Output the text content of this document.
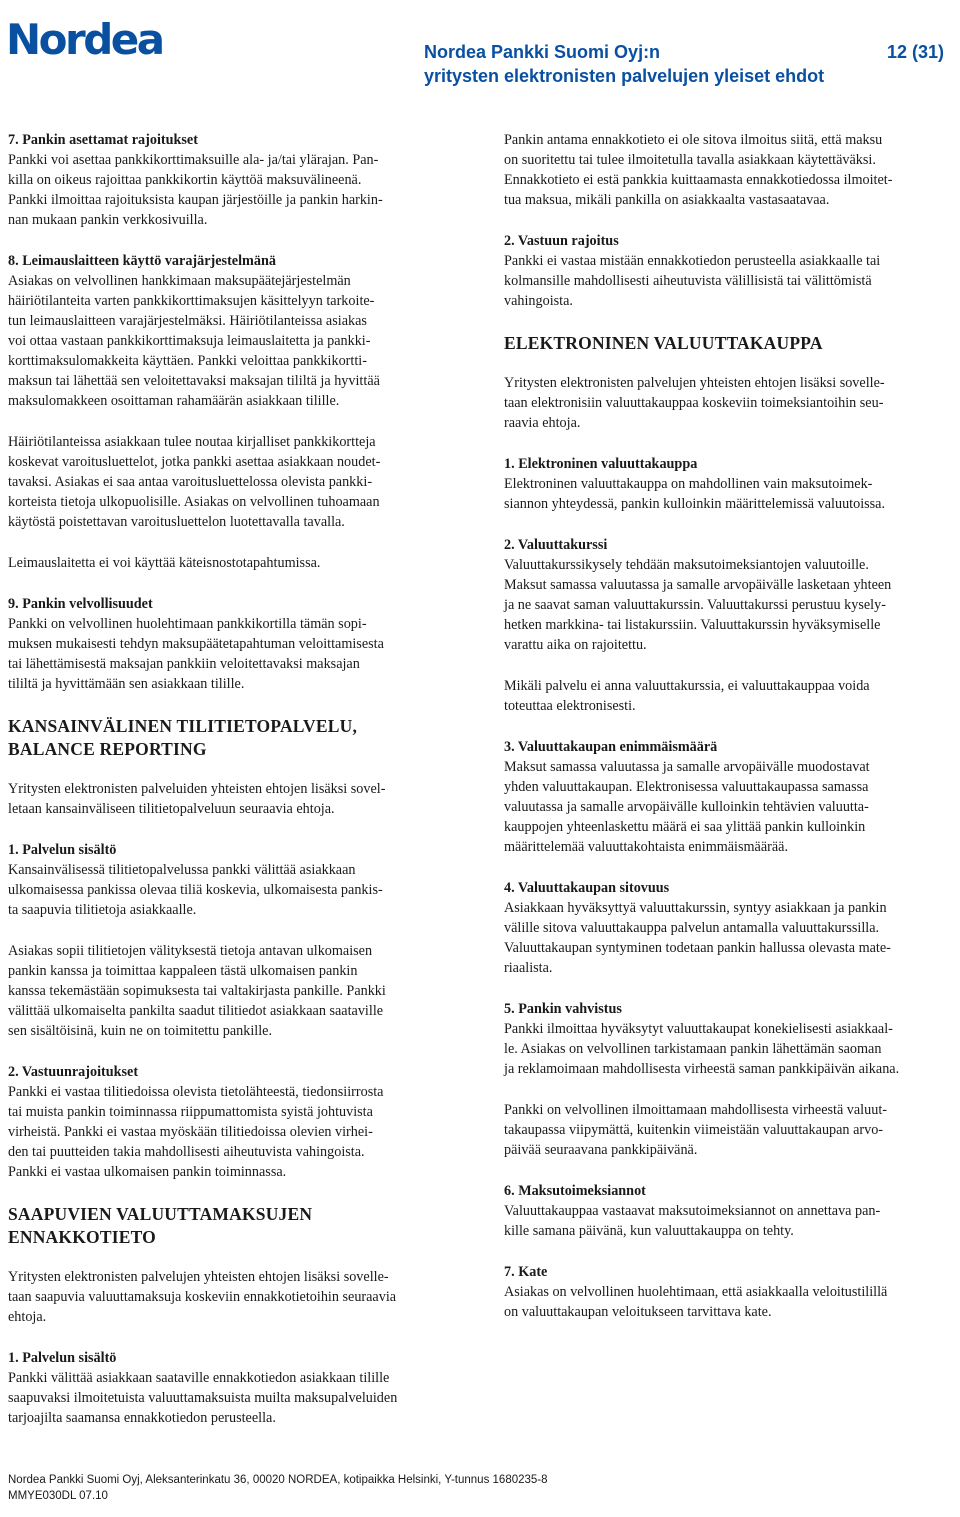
Nordea	Nordea Pankki Suomi Oyj:n	12 (31)
yritysten elektronisten palvelujen yleiset ehdot
7. Pankin asettamat rajoitukset

Pankki voi asettaa pankkikorttimaksuille ala- ja/tai ylärajan. Pan-
killa on oikeus rajoittaa pankkikortin käyttöä maksuvälineenä.
Pankki ilmoittaa rajoituksista kaupan järjestöille ja pankin harkin-
nan mukaan pankin verkkosivuilla.

8. Leimauslaitteen käyttö varajärjestelmänä

Asiakas on velvollinen hankkimaan maksupäätejärjestelmän
häiriötilanteita varten pankkikorttimaksujen käsittelyyn tarkoite-
tun leimauslaitteen varajärjestelmäksi. Häiriötilanteissa asiakas
voi ottaa vastaan pankkikorttimaksuja leimauslaitetta ja pankki-
korttimaksulomakkeita käyttäen. Pankki veloittaa pankkikortti-
maksun tai lähettää sen veloitettavaksi maksajan tililtä ja hyvittää
maksulomakkeen osoittaman rahamäärän asiakkaan tilille.

Häiriötilanteissa asiakkaan tulee noutaa kirjalliset pankkikortteja
koskevat varoitusluettelot, jotka pankki asettaa asiakkaan noudet-
tavaksi. Asiakas ei saa antaa varoitusluettelossa olevista pankki-
korteista tietoja ulkopuolisille. Asiakas on velvollinen tuhoamaan
käytöstä poistettavan varoitusluettelon luotettavalla tavalla.

Leimauslaitetta ei voi käyttää käteisnostotapahtumissa.

9. Pankin velvollisuudet

Pankki on velvollinen huolehtimaan pankkikortilla tämän sopi-
muksen mukaisesti tehdyn maksupäätetapahtuman veloittamisesta
tai lähettämisestä maksajan pankkiin veloitettavaksi maksajan
tililtä ja hyvittämään sen asiakkaan tilille.

KANSAINVÄLINEN TILITIETOPALVELU,
BALANCE REPORTING

Yritysten elektronisten palveluiden yhteisten ehtojen lisäksi sovel-
letaan kansainväliseen tilitietopalveluun seuraavia ehtoja.

1. Palvelun sisältö

Kansainvälisessä tilitietopalvelussa pankki välittää asiakkaan
ulkomaisessa pankissa olevaa tiliä koskevia, ulkomaisesta pankis-
ta saapuvia tilitietoja asiakkaalle.

Asiakas sopii tilitietojen välityksestä tietoja antavan ulkomaisen
pankin kanssa ja toimittaa kappaleen tästä ulkomaisen pankin
kanssa tekemästään sopimuksesta tai valtakirjasta pankille. Pankki
välittää ulkomaiselta pankilta saadut tilitiedot asiakkaan saataville
sen sisältöisinä, kuin ne on toimitettu pankille.

2. Vastuunrajoitukset

Pankki ei vastaa tilitiedoissa olevista tietolähteestä, tiedonsiirrosta
tai muista pankin toiminnassa riippumattomista syistä johtuvista
virheistä. Pankki ei vastaa myöskään tilitiedoissa olevien virhei-
den tai puutteiden takia mahdollisesti aiheutuvista vahingoista.
Pankki ei vastaa ulkomaisen pankin toiminnassa.

SAAPUVIEN VALUUTTAMAKSUJEN
ENNAKKOTIETO

Yritysten elektronisten palvelujen yhteisten ehtojen lisäksi sovelle-
taan saapuvia valuuttamaksuja koskeviin ennakkotietoihin seuraavia
ehtoja.

1. Palvelun sisältö

Pankki välittää asiakkaan saataville ennakkotiedon asiakkaan tilille
saapuvaksi ilmoitetuista valuuttamaksuista muilta maksupalveluiden
tarjoajilta saamansa ennakkotiedon perusteella.

Pankin antama ennakkotieto ei ole sitova ilmoitus siitä, että maksu
on suoritettu tai tulee ilmoitetulla tavalla asiakkaan käytettäväksi.
Ennakkotieto ei estä pankkia kuittaamasta ennakkotiedossa ilmoitet-
tua maksua, mikäli pankilla on asiakkaalta vastasaatavaa.

2. Vastuun rajoitus

Pankki ei vastaa mistään ennakkotiedon perusteella asiakkaalle tai
kolmansille mahdollisesti aiheutuvista välillisistä tai välittömistä
vahingoista.

ELEKTRONINEN VALUUTTAKAUPPA

Yritysten elektronisten palvelujen yhteisten ehtojen lisäksi sovelle-
taan elektronisiin valuuttakauppaa koskeviin toimeksiantoihin seu-
raavia ehtoja.

1. Elektroninen valuuttakauppa

Elektroninen valuuttakauppa on mahdollinen vain maksutoimek-
siannon yhteydessä, pankin kulloinkin määrittelemissä valuutoissa.

2. Valuuttakurssi

Valuuttakurssikysely tehdään maksutoimeksiantojen valuutoille.
Maksut samassa valuutassa ja samalle arvopäivälle lasketaan yhteen
ja ne saavat saman valuuttakurssin. Valuuttakurssi perustuu kysely-
hetken markkina- tai listakurssiin. Valuuttakurssin hyväksymiselle
varattu aika on rajoitettu.

Mikäli palvelu ei anna valuuttakurssia, ei valuuttakauppaa voida
toteuttaa elektronisesti.

3. Valuuttakaupan enimmäismäärä

Maksut samassa valuutassa ja samalle arvopäivälle muodostavat
yhden valuuttakaupan. Elektronisessa valuuttakaupassa samassa
valuutassa ja samalle arvopäivälle kulloinkin tehtävien valuutta-
kauppojen yhteenlaskettu määrä ei saa ylittää pankin kulloinkin
määrittelemää valuuttakohtaista enimmäismäärää.

4. Valuuttakaupan sitovuus

Asiakkaan hyväksyttyä valuuttakurssin, syntyy asiakkaan ja pankin
välille sitova valuuttakauppa palvelun antamalla valuuttakurssilla.
Valuuttakaupan syntyminen todetaan pankin hallussa olevasta mate-
riaalista.

5. Pankin vahvistus

Pankki ilmoittaa hyväksytyt valuuttakaupat konekielisesti asiakkaal-
le. Asiakas on velvollinen tarkistamaan pankin lähettämän saoman
ja reklamoimaan mahdollisesta virheestä saman pankkipäivän aikana.

Pankki on velvollinen ilmoittamaan mahdollisesta virheestä valuut-
takaupassa viipymättä, kuitenkin viimeistään valuuttakaupan arvo-
päivää seuraavana pankkipäivänä.

6. Maksutoimeksiannot

Valuuttakauppaa vastaavat maksutoimeksiannot on annettava pan-
kille samana päivänä, kun valuuttakauppa on tehty.

7. Kate

Asiakas on velvollinen huolehtimaan, että asiakkaalla veloitustilillä
on valuuttakaupan veloitukseen tarvittava kate.

Nordea Pankki Suomi Oyj, Aleksanterinkatu 36, 00020 NORDEA, kotipaikka Helsinki, Y-tunnus 1680235-8
MMYE030DL 07.10
